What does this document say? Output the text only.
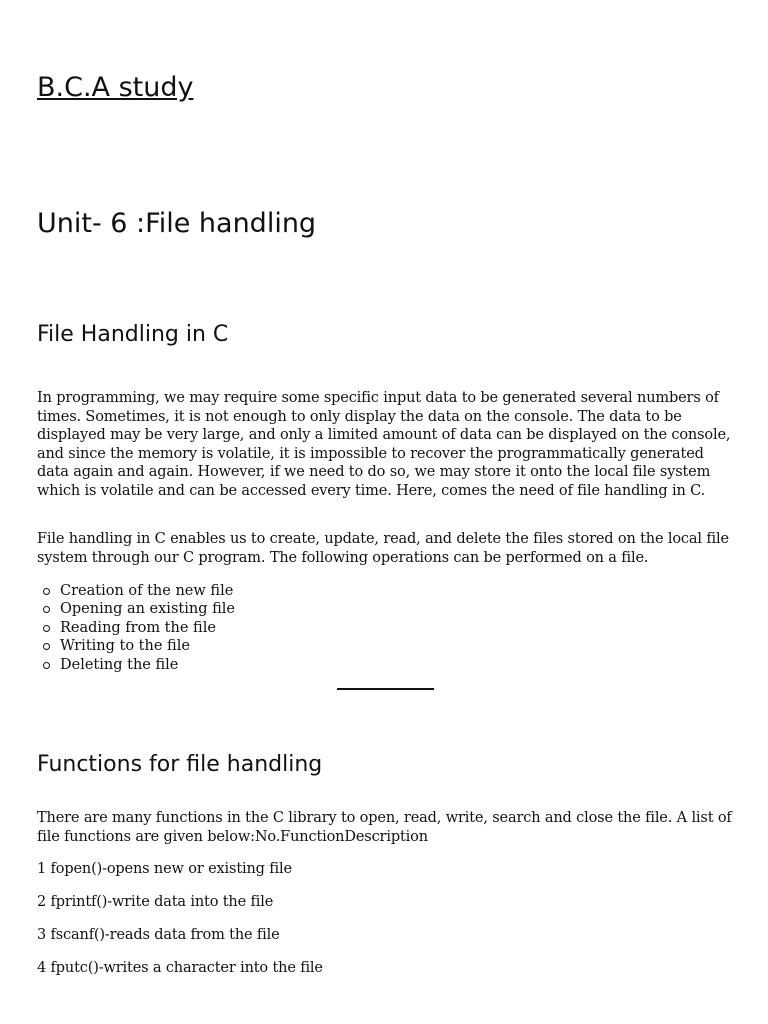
B.C.A study
Unit- 6 :File handling
File Handling in C

In programming, we may require some specific input data to be generated several numbers of times. Sometimes, it is not enough to only display the data on the console. The data to be displayed may be very large, and only a limited amount of data can be displayed on the console, and since the memory is volatile, it is impossible to recover the programmatically generated data again and again. However, if we need to do so, we may store it onto the local file system which is volatile and can be accessed every time. Here, comes the need of file handling in C.

File handling in C enables us to create, update, read, and delete the files stored on the local file system through our C program. The following operations can be performed on a file.

Creation of the new file
Opening an existing file
Reading from the file
Writing to the file
Deleting the file
Functions for file handling

There are many functions in the C library to open, read, write, search and close the file. A list of file functions are given below:No.FunctionDescription

1 fopen()-opens new or existing file

2 fprintf()-write data into the file

3 fscanf()-reads data from the file

4 fputc()-writes a character into the file
